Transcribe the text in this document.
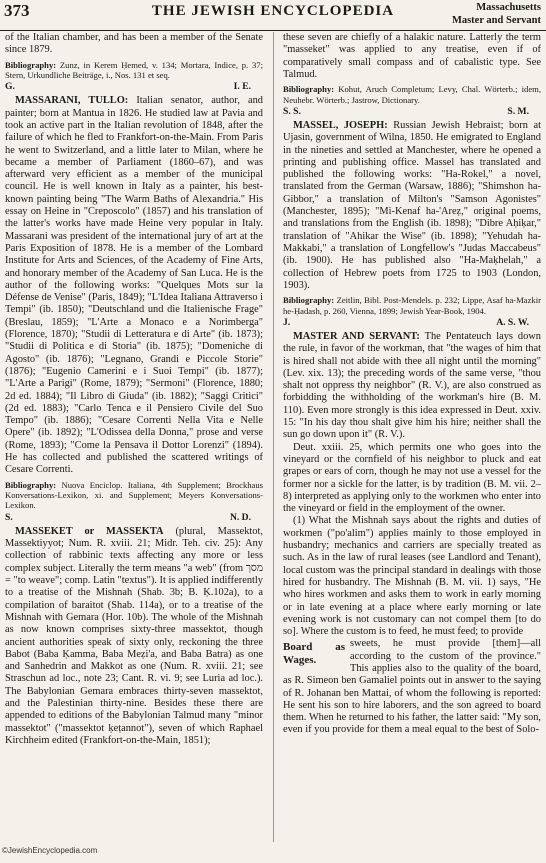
373	THE JEWISH ENCYCLOPEDIA	Massachusetts
Master and Servant

of the Italian chamber, and has been a member of the Senate since 1879.

Bibliography: Zunz, in Kerem Ḥemed, v. 134; Mortara, Indice, p. 37; Stern, Urkundliche Beiträge, i., Nos. 131 et seq.

G.	I. E.

MASSARANI, TULLO: Italian senator, author, and painter; born at Mantua in 1826. He studied law at Pavia and took an active part in the Italian revolution of 1848, after the failure of which he fled to Frankfort-on-the-Main. From Paris he went to Switzerland, and a little later to Milan, where he became a member of Parliament (1860–67), and was afterward very efficient as a member of the municipal council. He is well known in Italy as a painter, his best-known painting being "The Warm Baths of Alexandria." His essay on Heine in "Creposcolo" (1857) and his translation of the latter's works have made Heine very popular in Italy. Massarani was president of the international jury of art at the Paris Exposition of 1878. He is a member of the Lombard Institute for Arts and Sciences, of the Academy of Fine Arts, and honorary member of the Academy of San Luca. He is the author of the following works: "Quelques Mots sur la Défense de Venise" (Paris, 1849); "L'Idea Italiana Attraverso i Tempi" (ib. 1850); "Deutschland und die Italienische Frage" (Breslau, 1859); "L'Arte a Monaco e a Norimberga" (Florence, 1870); "Studii di Letteratura e di Arte" (ib. 1873); "Studii di Politica e di Storia" (ib. 1875); "Domeniche di Agosto" (ib. 1876); "Legnano, Grandi e Piccole Storie" (1876); "Eugenio Camerini e i Suoi Tempi" (ib. 1877); "L'Arte a Parigi" (Rome, 1879); "Sermoni" (Florence, 1880; 2d ed. 1884); "Il Libro di Giuda" (ib. 1882); "Saggi Critici" (2d ed. 1883); "Carlo Tenca e il Pensiero Civile del Suo Tempo" (ib. 1886); "Cesare Correnti Nella Vita e Nelle Opere" (ib. 1892); "L'Odissea della Donna," prose and verse (Rome, 1893); "Come la Pensava il Dottor Lorenzi" (1894). He has collected and published the scattered writings of Cesare Correnti.

Bibliography: Nuova Enciclop. Italiana, 4th Supplement; Brockhaus Konversations-Lexikon, xi. and Supplement; Meyers Konversations-Lexikon.

S.	N. D.

MASSEKET or MASSEKTA (plural, Massektot, Massektiyyot; Num. R. xviii. 21; Midr. Teh. civ. 25): Any collection of rabbinic texts affecting any more or less complex subject. Literally the term means "a web" (from מסך = "to weave"; comp. Latin "textus"). It is applied indifferently to a treatise of the Mishnah (Shab. 3b; B. Ḳ.102a), to a compilation of baraitot (Shab. 114a), or to a treatise of the Mishnah with Gemara (Hor. 10b). The whole of the Mishnah as now known comprises sixty-three massektot, though ancient authorities speak of sixty only, reckoning the three Babot (Baba Ḳamma, Baba Meẓi'a, and Baba Batra) as one and Sanhedrin and Makkot as one (Num. R. xviii. 21; see Straschun ad loc., note 23; Cant. R. vi. 9; see Luria ad loc.). The Babylonian Gemara embraces thirty-seven massektot, and the Palestinian thirty-nine. Besides these there are appended to editions of the Babylonian Talmud many "minor massektot" ("massektot ḳeṭannot"), seven of which Raphael Kirchheim edited (Frankfort-on-the-Main, 1851);

these seven are chiefly of a halakic nature. Latterly the term "masseket" was applied to any treatise, even if of comparatively small compass and of cabalistic type. See Talmud.

Bibliography: Kohut, Aruch Completum; Levy, Chal. Wörterb.; idem, Neuhebr. Wörterb.; Jastrow, Dictionary.

S. S.	S. M.

MASSEL, JOSEPH: Russian Jewish Hebraist; born at Ujasin, government of Wilna, 1850. He emigrated to England in the nineties and settled at Manchester, where he opened a printing and publishing office. Massel has translated and published the following works: "Ha-Rokel," a novel, translated from the German (Warsaw, 1886); "Shimshon ha-Gibbor," a translation of Milton's "Samson Agonistes" (Manchester, 1895); "Mi-Kenaf ha-'Areẓ," original poems, and translations from the English (ib. 1898); "Dibre Aḥiḳar," translation of "Ahikar the Wise" (ib. 1898); "Yehudah ha-Makkabi," a translation of Longfellow's "Judas Maccabeus" (ib. 1900). He has published also "Ha-Maḳhelah," a collection of Hebrew poets from 1725 to 1903 (London, 1903).

Bibliography: Zeitlin, Bibl. Post-Mendels. p. 232; Lippe, Asaf ha-Mazkir he-Ḥadash, p. 260, Vienna, 1899; Jewish Year-Book, 1904.

J.	A. S. W.

MASTER AND SERVANT: The Pentateuch lays down the rule, in favor of the workman, that "the wages of him that is hired shall not abide with thee all night until the morning" (Lev. xix. 13); the preceding words of the same verse, "thou shalt not oppress thy neighbor" (R. V.), are also construed as forbidding the withholding of the workman's hire (B. M. 110). Even more strongly is this idea expressed in Deut. xxiv. 15: "In his day thou shalt give him his hire; neither shall the sun go down upon it" (R. V.).

Deut. xxiii. 25, which permits one who goes into the vineyard or the cornfield of his neighbor to pluck and eat grapes or ears of corn, though he may not use a vessel for the former nor a sickle for the latter, is by tradition (B. M. vii. 2–8) interpreted as applying only to the workmen who enter into the vineyard or field in the employment of the owner.

(1) What the Mishnah says about the rights and duties of workmen ("po'alim") applies mainly to those employed in husbandry; mechanics and carriers are specially treated as such. As in the law of rural leases (see Landlord and Tenant), local custom was the principal standard in dealings with those hired for husbandry. The Mishnah (B. M. vii. 1) says, "He who hires workmen and asks them to work in early morning or in late evening at a place where early morning or late evening work is not customary can not compel them [to do so]. Where the custom is to feed, he must feed; to provide

Board as Wages.

sweets, he must provide [them]—all according to the custom of the province." This applies also to the quality of the board, as R. Simeon ben Gamaliel points out in answer to the saying of R. Johanan ben Mattai, of whom the following is reported: He sent his son to hire laborers, and the son agreed to board them. When he returned to his father, the latter said: "My son, even if you provide for them a meal equal to the best of Solo-

©JewishEncyclopedia.com
